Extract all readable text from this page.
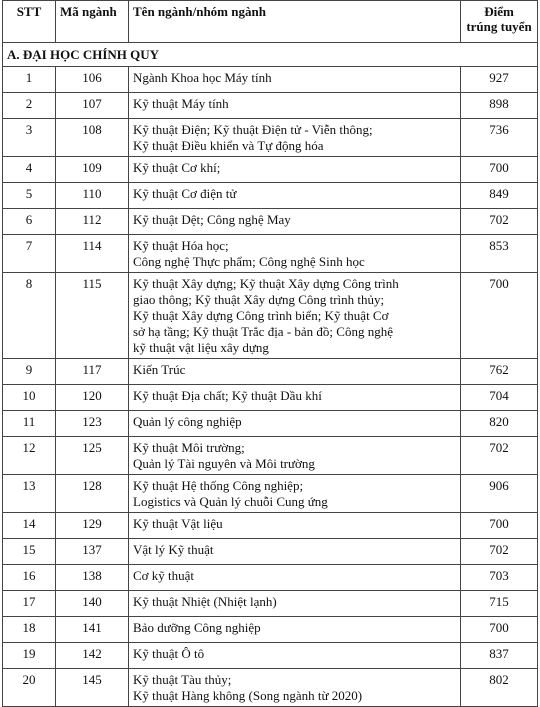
STT	Mã ngành	Tên ngành/nhóm ngành	Điểm
trúng tuyển

A. ĐẠI HỌC CHÍNH QUY			
1	106	Ngành Khoa học Máy tính	927
2	107	Kỹ thuật Máy tính	898
3	108	Kỹ thuật Điện; Kỹ thuật Điện tử - Viễn thông;
Kỹ thuật Điều khiển và Tự động hóa	736
4	109	Kỹ thuật Cơ khí;	700
5	110	Kỹ thuật Cơ điện tử	849
6	112	Kỹ thuật Dệt; Công nghệ May	702
7	114	Kỹ thuật Hóa học;
Công nghệ Thực phẩm; Công nghệ Sinh học	853
8	115	Kỹ thuật Xây dựng; Kỹ thuật Xây dựng Công trình
giao thông; Kỹ thuật Xây dựng Công trình thủy;
Kỹ thuật Xây dựng Công trình biển; Kỹ thuật Cơ
sở hạ tầng; Kỹ thuật Trắc địa - bản đồ; Công nghệ
kỹ thuật vật liệu xây dựng	700
9	117	Kiến Trúc	762
10	120	Kỹ thuật Địa chất; Kỹ thuật Dầu khí	704
11	123	Quản lý công nghiệp	820
12	125	Kỹ thuật Môi trường;
Quản lý Tài nguyên và Môi trường	702
13	128	Kỹ thuật Hệ thống Công nghiệp;
Logistics và Quản lý chuỗi Cung ứng	906
14	129	Kỹ thuật Vật liệu	700
15	137	Vật lý Kỹ thuật	702
16	138	Cơ kỹ thuật	703
17	140	Kỹ thuật Nhiệt (Nhiệt lạnh)	715
18	141	Bảo dưỡng Công nghiệp	700
19	142	Kỹ thuật Ô tô	837
20	145	Kỹ thuật Tàu thủy;
Kỹ thuật Hàng không (Song ngành từ 2020)	802
